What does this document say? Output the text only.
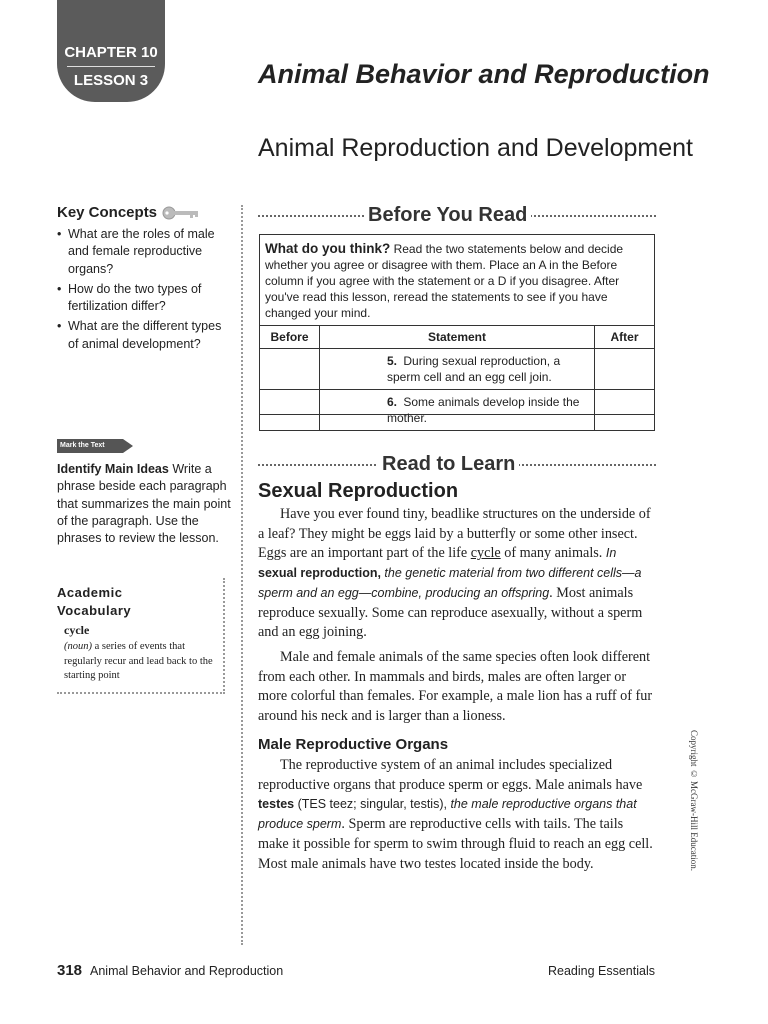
CHAPTER 10
LESSON 3	Animal Behavior and Reproduction
Animal Reproduction and Development
Key Concepts
• What are the roles of male and female reproductive organs?
• How do the two types of fertilization differ?
• What are the different types of animal development?
Mark the Text
Identify Main Ideas Write a phrase beside each paragraph that summarizes the main point of the paragraph. Use the phrases to review the lesson.
Academic
Vocabulary
cycle
(noun) a series of events that regularly recur and lead back to the starting point
Before You Read
What do you think? Read the two statements below and decide whether you agree or disagree with them. Place an A in the Before column if you agree with the statement or a D if you disagree. After you've read this lesson, reread the statements to see if you have changed your mind.
Before	Statement	After
	5. During sexual reproduction, a sperm cell and an egg cell join.	
	6. Some animals develop inside the mother.	
Read to Learn
Sexual Reproduction

Have you ever found tiny, beadlike structures on the underside of a leaf? They might be eggs laid by a butterfly or some other insect. Eggs are an important part of the life cycle of many animals. In sexual reproduction, the genetic material from two different cells—a sperm and an egg—combine, producing an offspring. Most animals reproduce sexually. Some can reproduce asexually, without a sperm and an egg joining.

Male and female animals of the same species often look different from each other. In mammals and birds, males are often larger or more colorful than females. For example, a male lion has a ruff of fur around his neck and is larger than a lioness.

Male Reproductive Organs

The reproductive system of an animal includes specialized reproductive organs that produce sperm or eggs. Male animals have testes (TES teez; singular, testis), the male reproductive organs that produce sperm. Sperm are reproductive cells with tails. The tails make it possible for sperm to swim through fluid to reach an egg cell. Most male animals have two testes located inside the body.	Copyright © McGraw-Hill Education.
318 Animal Behavior and Reproduction	Reading Essentials
